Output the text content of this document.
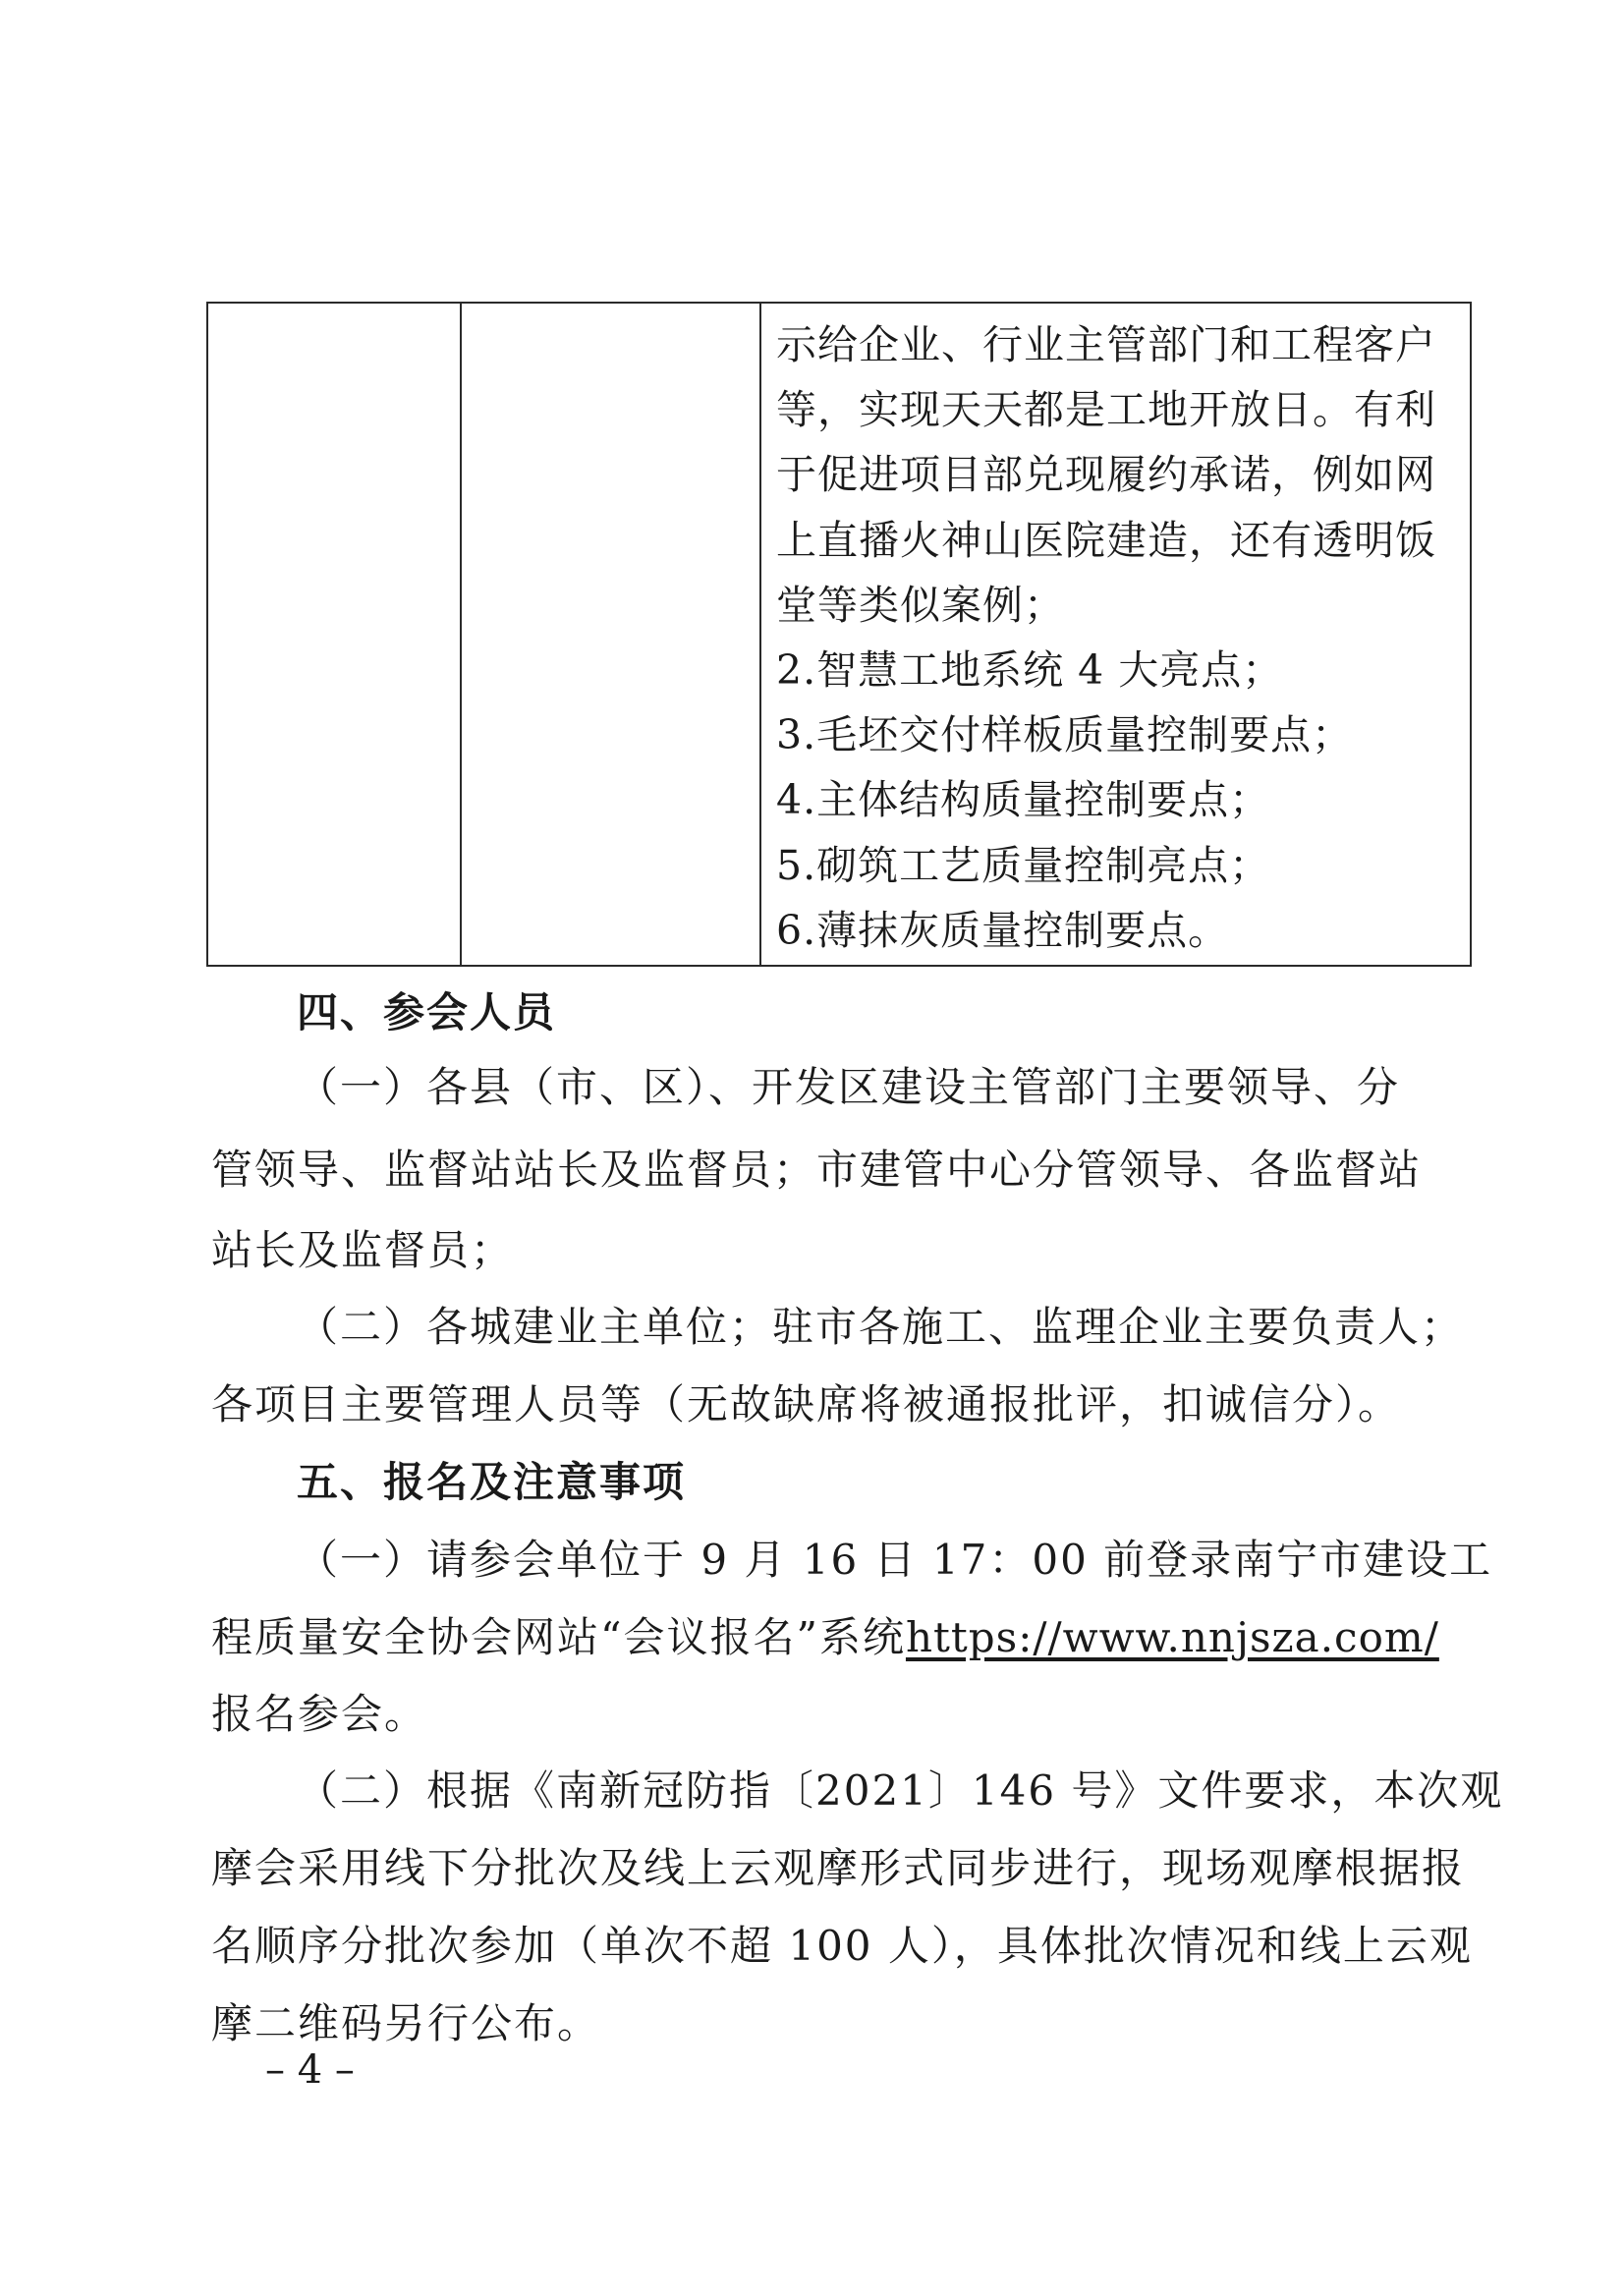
示给企业、行业主管部门和工程客户
等，实现天天都是工地开放日。有利
于促进项目部兑现履约承诺，例如网
上直播火神山医院建造，还有透明饭
堂等类似案例；
2.智慧工地系统 4 大亮点；
3.毛坯交付样板质量控制要点；
4.主体结构质量控制要点；
5.砌筑工艺质量控制亮点；
6.薄抹灰质量控制要点。
四、参会人员
（一）各县（市、区）、开发区建设主管部门主要领导、分
管领导、监督站站长及监督员；市建管中心分管领导、各监督站
站长及监督员；
（二）各城建业主单位；驻市各施工、监理企业主要负责人；
各项目主要管理人员等（无故缺席将被通报批评，扣诚信分）。
五、报名及注意事项
（一）请参会单位于 9 月 16 日 17：00 前登录南宁市建设工
程质量安全协会网站“会议报名”系统https://www.nnjsza.com/
报名参会。
（二）根据《南新冠防指〔2021〕146 号》文件要求，本次观
摩会采用线下分批次及线上云观摩形式同步进行，现场观摩根据报
名顺序分批次参加（单次不超 100 人），具体批次情况和线上云观
摩二维码另行公布。
– 4 –
